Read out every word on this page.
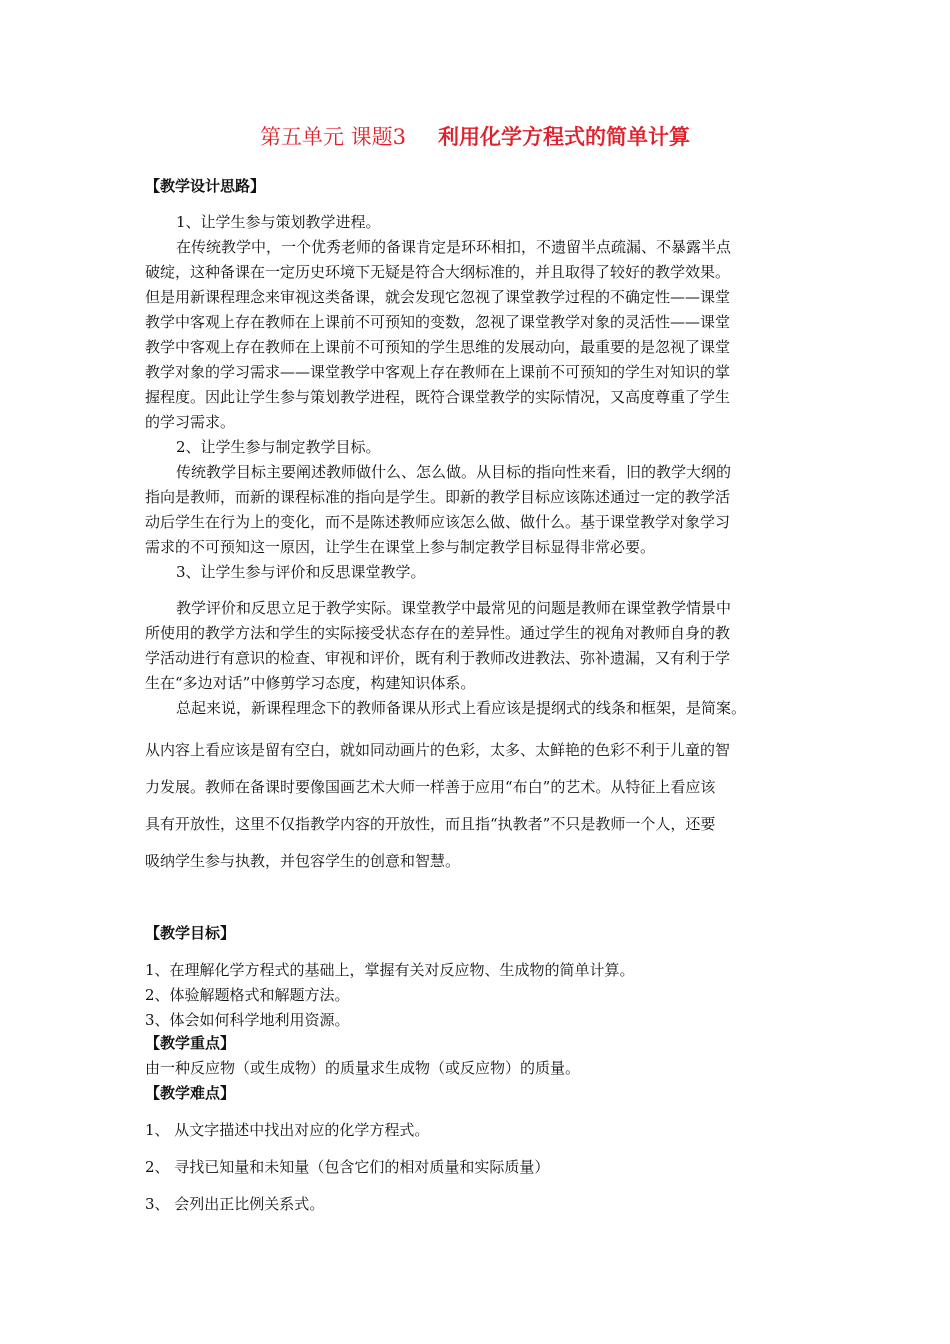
第五单元 课题3 利用化学方程式的简单计算
【教学设计思路】
1、让学生参与策划教学进程。
在传统教学中，一个优秀老师的备课肯定是环环相扣，不遗留半点疏漏、不暴露半点
破绽，这种备课在一定历史环境下无疑是符合大纲标准的，并且取得了较好的教学效果。
但是用新课程理念来审视这类备课，就会发现它忽视了课堂教学过程的不确定性——课堂
教学中客观上存在教师在上课前不可预知的变数，忽视了课堂教学对象的灵活性——课堂
教学中客观上存在教师在上课前不可预知的学生思维的发展动向，最重要的是忽视了课堂
教学对象的学习需求——课堂教学中客观上存在教师在上课前不可预知的学生对知识的掌
握程度。因此让学生参与策划教学进程，既符合课堂教学的实际情况，又高度尊重了学生
的学习需求。
2、让学生参与制定教学目标。
传统教学目标主要阐述教师做什么、怎么做。从目标的指向性来看，旧的教学大纲的
指向是教师，而新的课程标准的指向是学生。即新的教学目标应该陈述通过一定的教学活
动后学生在行为上的变化，而不是陈述教师应该怎么做、做什么。基于课堂教学对象学习
需求的不可预知这一原因，让学生在课堂上参与制定教学目标显得非常必要。
3、让学生参与评价和反思课堂教学。
教学评价和反思立足于教学实际。课堂教学中最常见的问题是教师在课堂教学情景中
所使用的教学方法和学生的实际接受状态存在的差异性。通过学生的视角对教师自身的教
学活动进行有意识的检查、审视和评价，既有利于教师改进教法、弥补遗漏，又有利于学
生在“多边对话”中修剪学习态度，构建知识体系。
总起来说，新课程理念下的教师备课从形式上看应该是提纲式的线条和框架，是简案。
从内容上看应该是留有空白，就如同动画片的色彩，太多、太鲜艳的色彩不利于儿童的智
力发展。教师在备课时要像国画艺术大师一样善于应用“布白”的艺术。从特征上看应该
具有开放性，这里不仅指教学内容的开放性，而且指“执教者”不只是教师一个人，还要
吸纳学生参与执教，并包容学生的创意和智慧。
【教学目标】
1、在理解化学方程式的基础上，掌握有关对反应物、生成物的简单计算。
2、体验解题格式和解题方法。
3、体会如何科学地利用资源。
【教学重点】
由一种反应物（或生成物）的质量求生成物（或反应物）的质量。
【教学难点】
1、 从文字描述中找出对应的化学方程式。
2、 寻找已知量和未知量（包含它们的相对质量和实际质量）
3、 会列出正比例关系式。
